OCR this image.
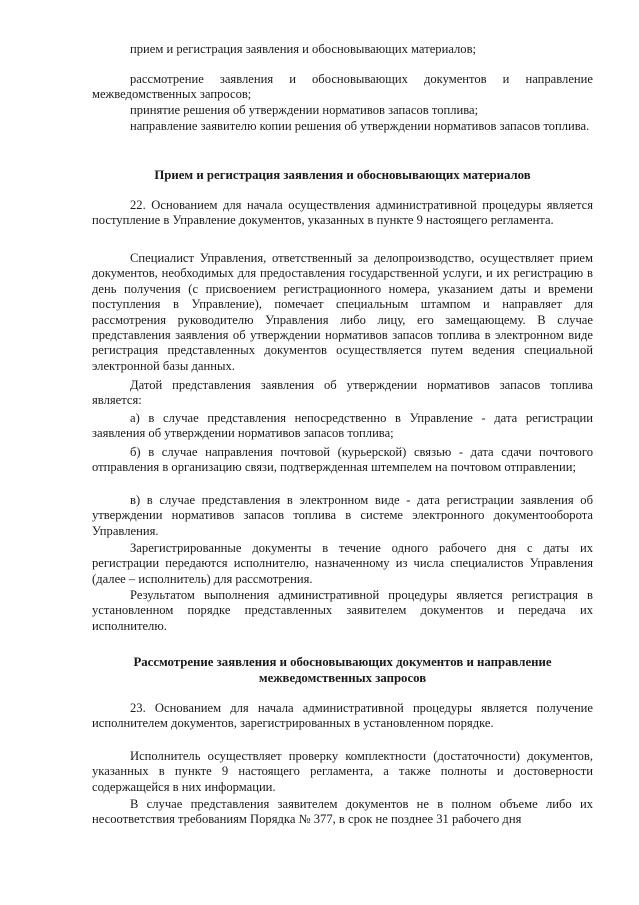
прием и регистрация заявления и обосновывающих материалов;

рассмотрение заявления и обосновывающих документов и направление межведомственных запросов;

принятие решения об утверждении нормативов запасов топлива;

направление заявителю копии решения об утверждении нормативов запасов топлива.

Прием и регистрация заявления и обосновывающих материалов

22. Основанием для начала осуществления административной процедуры является поступление в Управление документов, указанных в пункте 9 настоящего регламента.

Специалист Управления, ответственный за делопроизводство, осуществляет прием документов, необходимых для предоставления государственной услуги, и их регистрацию в день получения (с присвоением регистрационного номера, указанием даты и времени поступления в Управление), помечает специальным штампом и направляет для рассмотрения руководителю Управления либо лицу, его замещающему. В случае представления заявления об утверждении нормативов запасов топлива в электронном виде регистрация представленных документов осуществляется путем ведения специальной электронной базы данных.

Датой представления заявления об утверждении нормативов запасов топлива является:

а) в случае представления непосредственно в Управление - дата регистрации заявления об утверждении нормативов запасов топлива;

б) в случае направления почтовой (курьерской) связью - дата сдачи почтового отправления в организацию связи, подтвержденная штемпелем на почтовом отправлении;

в) в случае представления в электронном виде - дата регистрации заявления об утверждении нормативов запасов топлива в системе электронного документооборота Управления.

Зарегистрированные документы в течение одного рабочего дня с даты их регистрации передаются исполнителю, назначенному из числа специалистов Управления (далее – исполнитель) для рассмотрения.

Результатом выполнения административной процедуры является регистрация в установленном порядке представленных заявителем документов и передача их исполнителю.

Рассмотрение заявления и обосновывающих документов и направление

межведомственных запросов

23. Основанием для начала административной процедуры является получение исполнителем документов, зарегистрированных в установленном порядке.

Исполнитель осуществляет проверку комплектности (достаточности) документов, указанных в пункте 9 настоящего регламента, а также полноты и достоверности содержащейся в них информации.

В случае представления заявителем документов не в полном объеме либо их несоответствия требованиям Порядка № 377, в срок не позднее 31 рабочего дня
